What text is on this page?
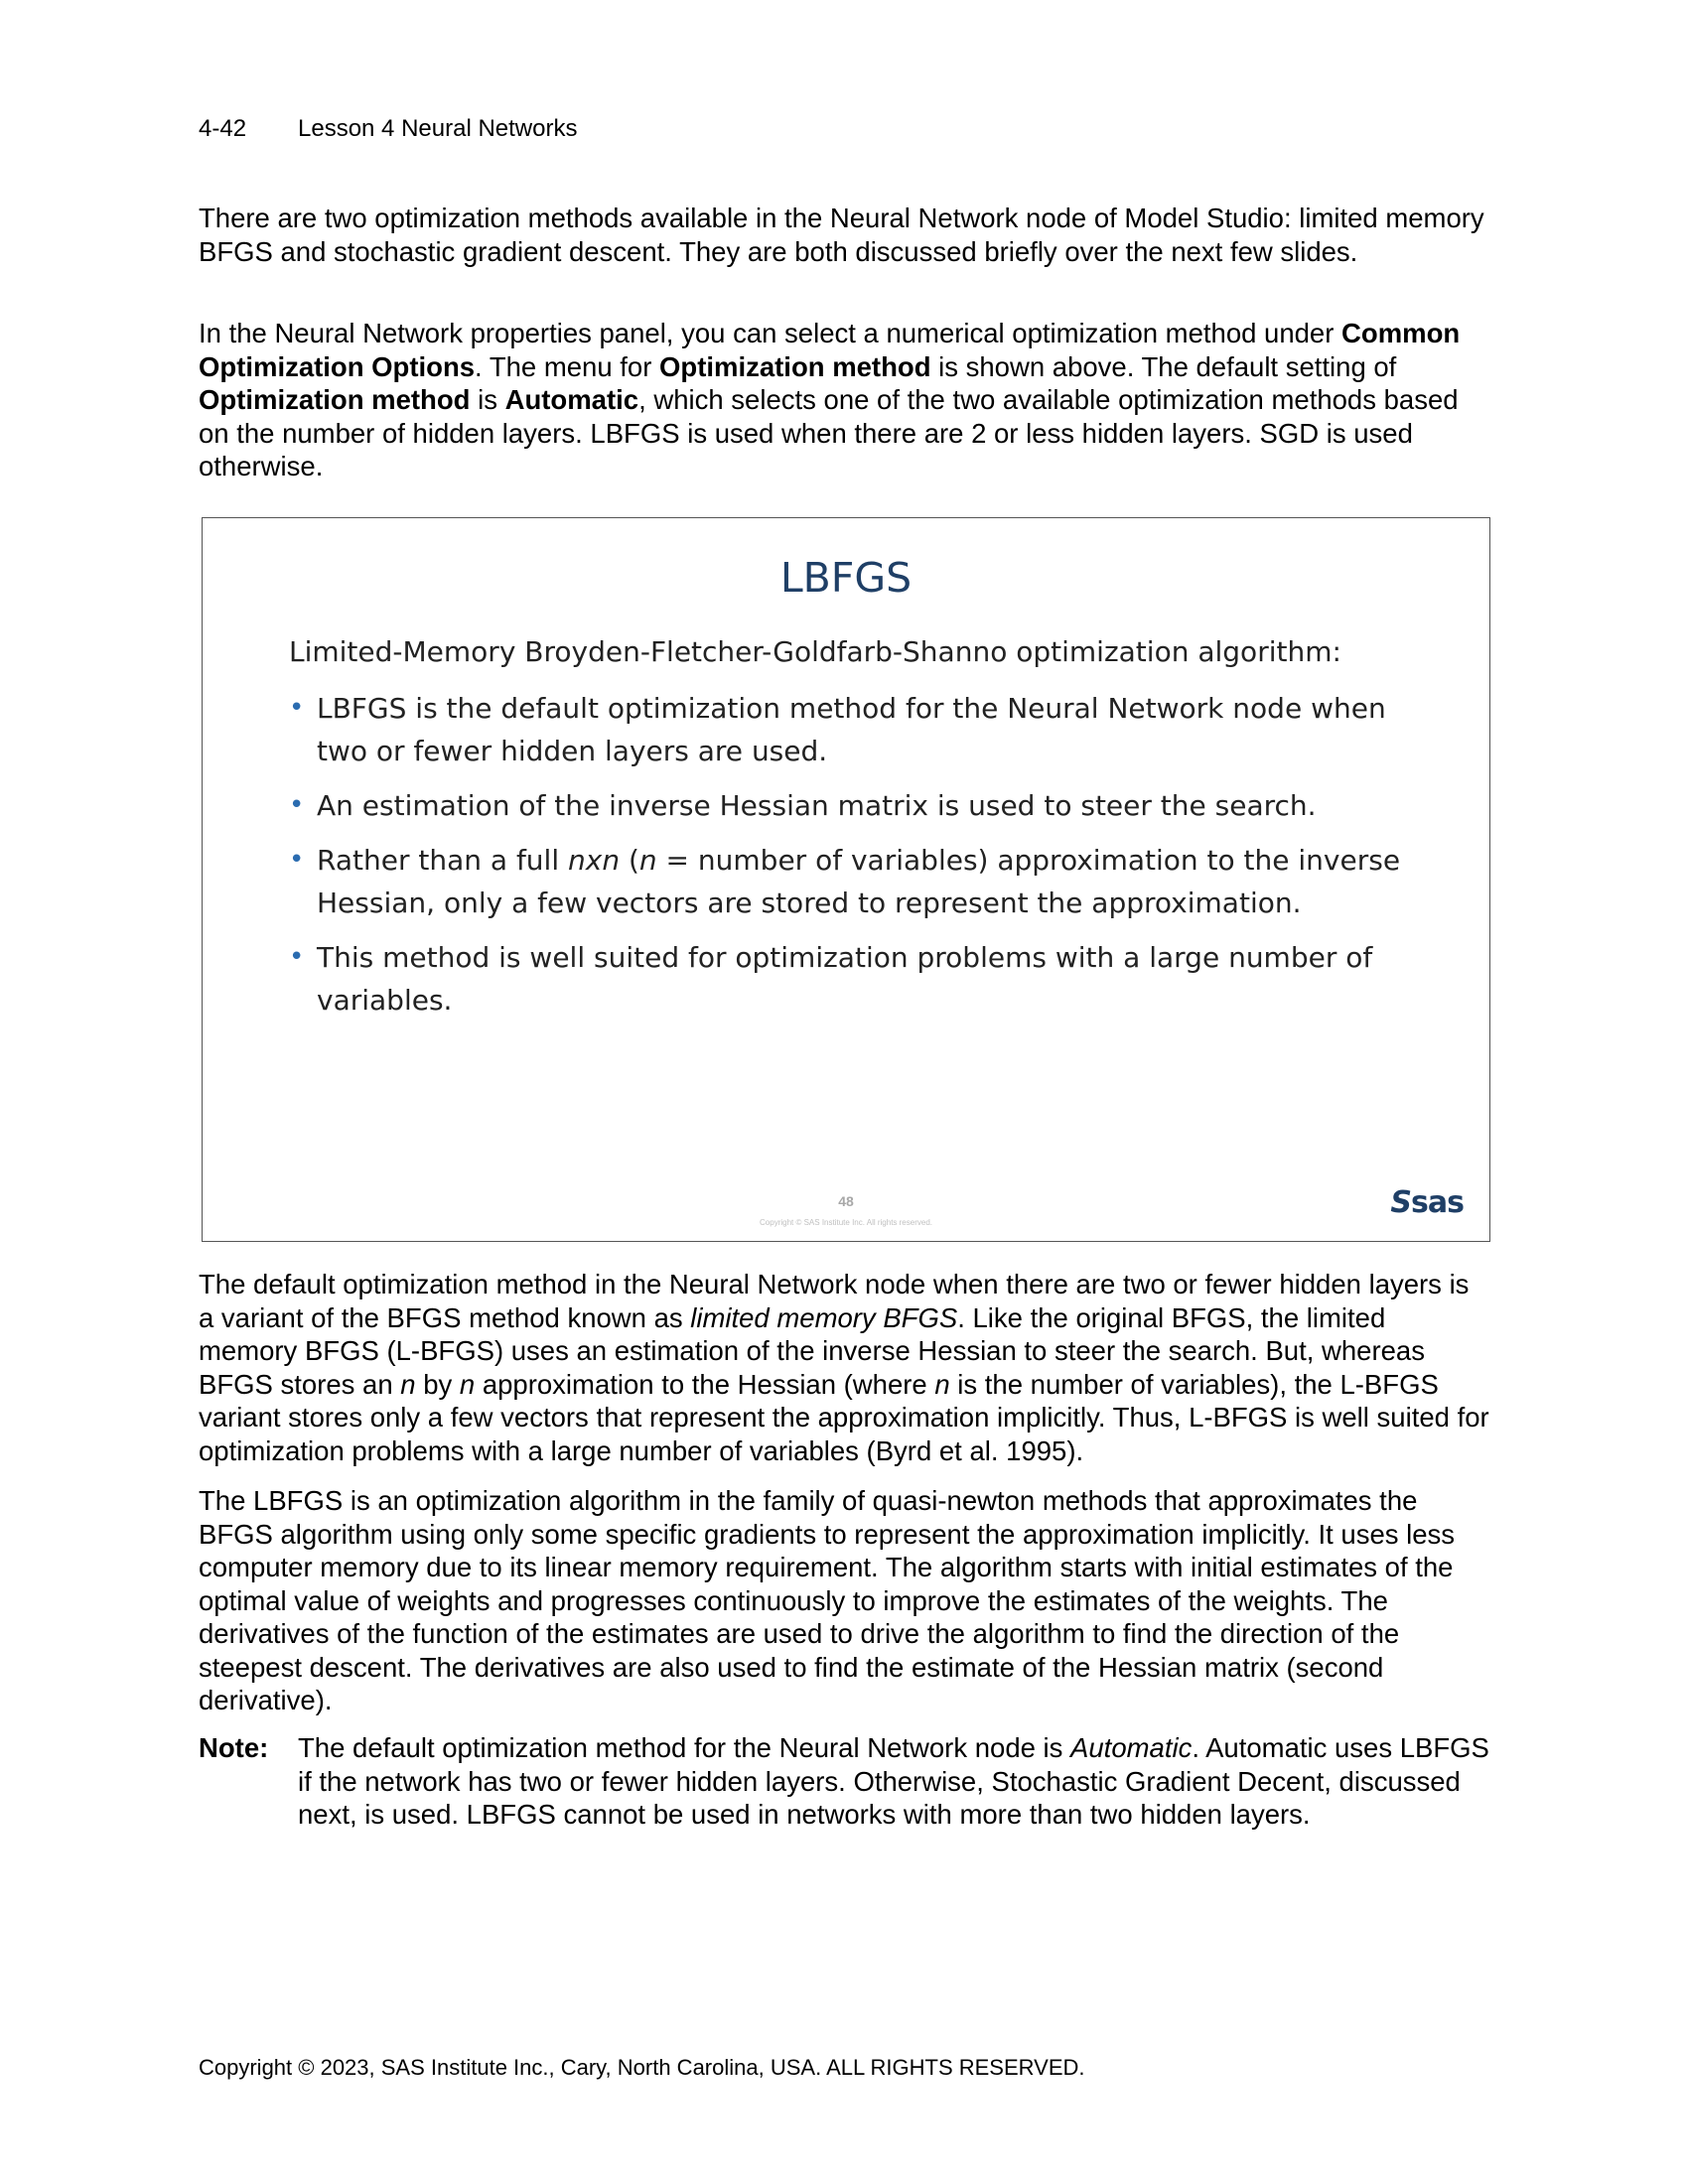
4-42 Lesson 4 Neural Networks

There are two optimization methods available in the Neural Network node of Model Studio: limited memory BFGS and stochastic gradient descent. They are both discussed briefly over the next few slides.

In the Neural Network properties panel, you can select a numerical optimization method under Common Optimization Options. The menu for Optimization method is shown above. The default setting of Optimization method is Automatic, which selects one of the two available optimization methods based on the number of hidden layers. LBFGS is used when there are 2 or less hidden layers. SGD is used otherwise.

LBFGS
Limited-Memory Broyden-Fletcher-Goldfarb-Shanno optimization algorithm:
• LBFGS is the default optimization method for the Neural Network node when two or fewer hidden layers are used.
• An estimation of the inverse Hessian matrix is used to steer the search.
• Rather than a full nxn (n = number of variables) approximation to the inverse Hessian, only a few vectors are stored to represent the approximation.
• This method is well suited for optimization problems with a large number of variables.
48
Copyright © SAS Institute Inc. All rights reserved.
Ssas

The default optimization method in the Neural Network node when there are two or fewer hidden layers is a variant of the BFGS method known as limited memory BFGS. Like the original BFGS, the limited memory BFGS (L-BFGS) uses an estimation of the inverse Hessian to steer the search. But, whereas BFGS stores an n by n approximation to the Hessian (where n is the number of variables), the L-BFGS variant stores only a few vectors that represent the approximation implicitly. Thus, L-BFGS is well suited for optimization problems with a large number of variables (Byrd et al. 1995).

The LBFGS is an optimization algorithm in the family of quasi-newton methods that approximates the BFGS algorithm using only some specific gradients to represent the approximation implicitly. It uses less computer memory due to its linear memory requirement. The algorithm starts with initial estimates of the optimal value of weights and progresses continuously to improve the estimates of the weights. The derivatives of the function of the estimates are used to drive the algorithm to find the direction of the steepest descent. The derivatives are also used to find the estimate of the Hessian matrix (second derivative).

Note: The default optimization method for the Neural Network node is Automatic. Automatic uses LBFGS if the network has two or fewer hidden layers. Otherwise, Stochastic Gradient Decent, discussed next, is used. LBFGS cannot be used in networks with more than two hidden layers.
Copyright © 2023, SAS Institute Inc., Cary, North Carolina, USA. ALL RIGHTS RESERVED.
